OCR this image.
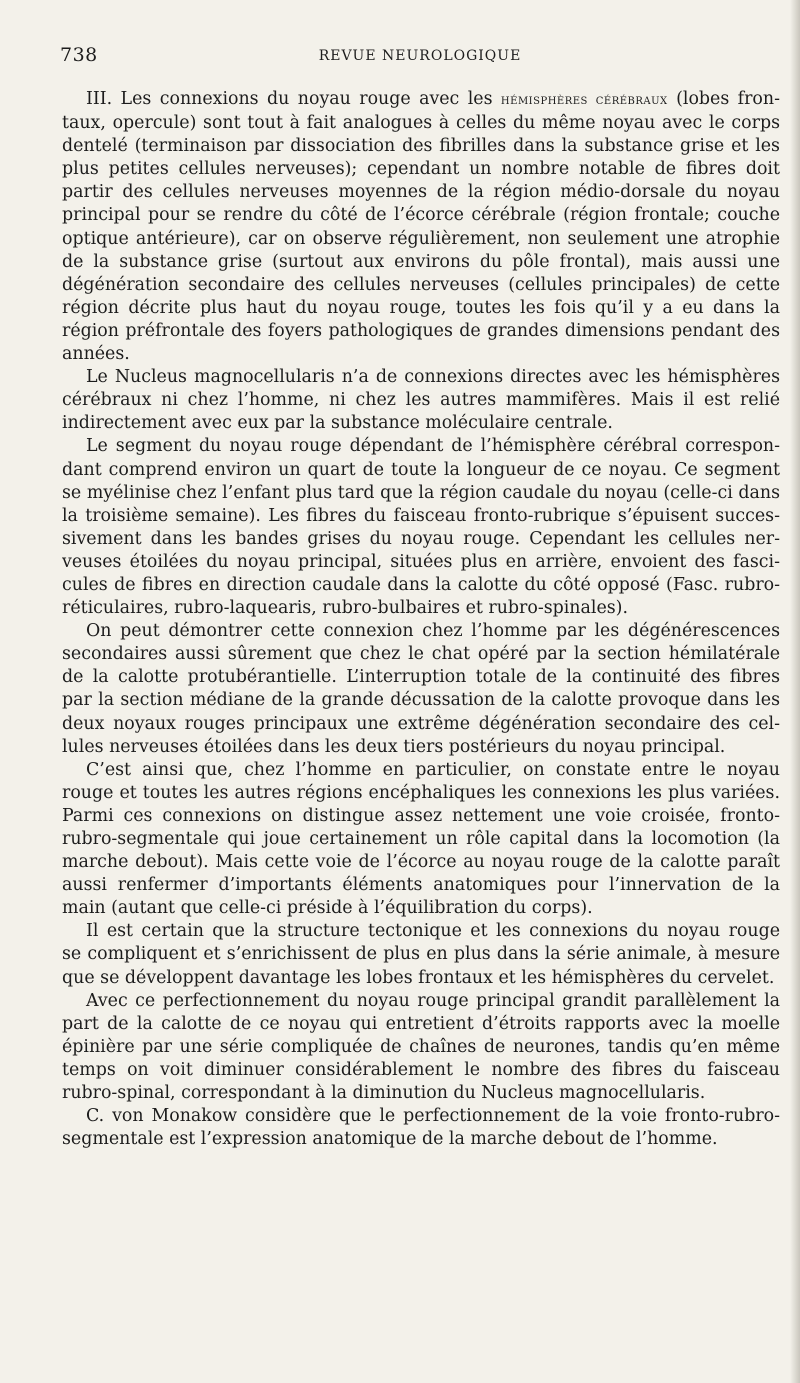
738	REVUE NEUROLOGIQUE
III. Les connexions du noyau rouge avec les hémisphères cérébraux (lobes fron-
taux, opercule) sont tout à fait analogues à celles du même noyau avec le corps
dentelé (terminaison par dissociation des fibrilles dans la substance grise et les
plus petites cellules nerveuses); cependant un nombre notable de fibres doit
partir des cellules nerveuses moyennes de la région médio-dorsale du noyau
principal pour se rendre du côté de l’écorce cérébrale (région frontale; couche
optique antérieure), car on observe régulièrement, non seulement une atrophie
de la substance grise (surtout aux environs du pôle frontal), mais aussi une
dégénération secondaire des cellules nerveuses (cellules principales) de cette
région décrite plus haut du noyau rouge, toutes les fois qu’il y a eu dans la
région préfrontale des foyers pathologiques de grandes dimensions pendant des
années.
Le Nucleus magnocellularis n’a de connexions directes avec les hémisphères
cérébraux ni chez l’homme, ni chez les autres mammifères. Mais il est relié
indirectement avec eux par la substance moléculaire centrale.
Le segment du noyau rouge dépendant de l’hémisphère cérébral correspon-
dant comprend environ un quart de toute la longueur de ce noyau. Ce segment
se myélinise chez l’enfant plus tard que la région caudale du noyau (celle-ci dans
la troisième semaine). Les fibres du faisceau fronto-rubrique s’épuisent succes-
sivement dans les bandes grises du noyau rouge. Cependant les cellules ner-
veuses étoilées du noyau principal, situées plus en arrière, envoient des fasci-
cules de fibres en direction caudale dans la calotte du côté opposé (Fasc. rubro-
réticulaires, rubro-laquearis, rubro-bulbaires et rubro-spinales).
On peut démontrer cette connexion chez l’homme par les dégénérescences
secondaires aussi sûrement que chez le chat opéré par la section hémilatérale
de la calotte protubérantielle. L’interruption totale de la continuité des fibres
par la section médiane de la grande décussation de la calotte provoque dans les
deux noyaux rouges principaux une extrême dégénération secondaire des cel-
lules nerveuses étoilées dans les deux tiers postérieurs du noyau principal.
C’est ainsi que, chez l’homme en particulier, on constate entre le noyau
rouge et toutes les autres régions encéphaliques les connexions les plus variées.
Parmi ces connexions on distingue assez nettement une voie croisée, fronto-
rubro-segmentale qui joue certainement un rôle capital dans la locomotion (la
marche debout). Mais cette voie de l’écorce au noyau rouge de la calotte paraît
aussi renfermer d’importants éléments anatomiques pour l’innervation de la
main (autant que celle-ci préside à l’équilibration du corps).
Il est certain que la structure tectonique et les connexions du noyau rouge
se compliquent et s’enrichissent de plus en plus dans la série animale, à mesure
que se développent davantage les lobes frontaux et les hémisphères du cervelet.
Avec ce perfectionnement du noyau rouge principal grandit parallèlement la
part de la calotte de ce noyau qui entretient d’étroits rapports avec la moelle
épinière par une série compliquée de chaînes de neurones, tandis qu’en même
temps on voit diminuer considérablement le nombre des fibres du faisceau
rubro-spinal, correspondant à la diminution du Nucleus magnocellularis.
C. von Monakow considère que le perfectionnement de la voie fronto-rubro-
segmentale est l’expression anatomique de la marche debout de l’homme.
